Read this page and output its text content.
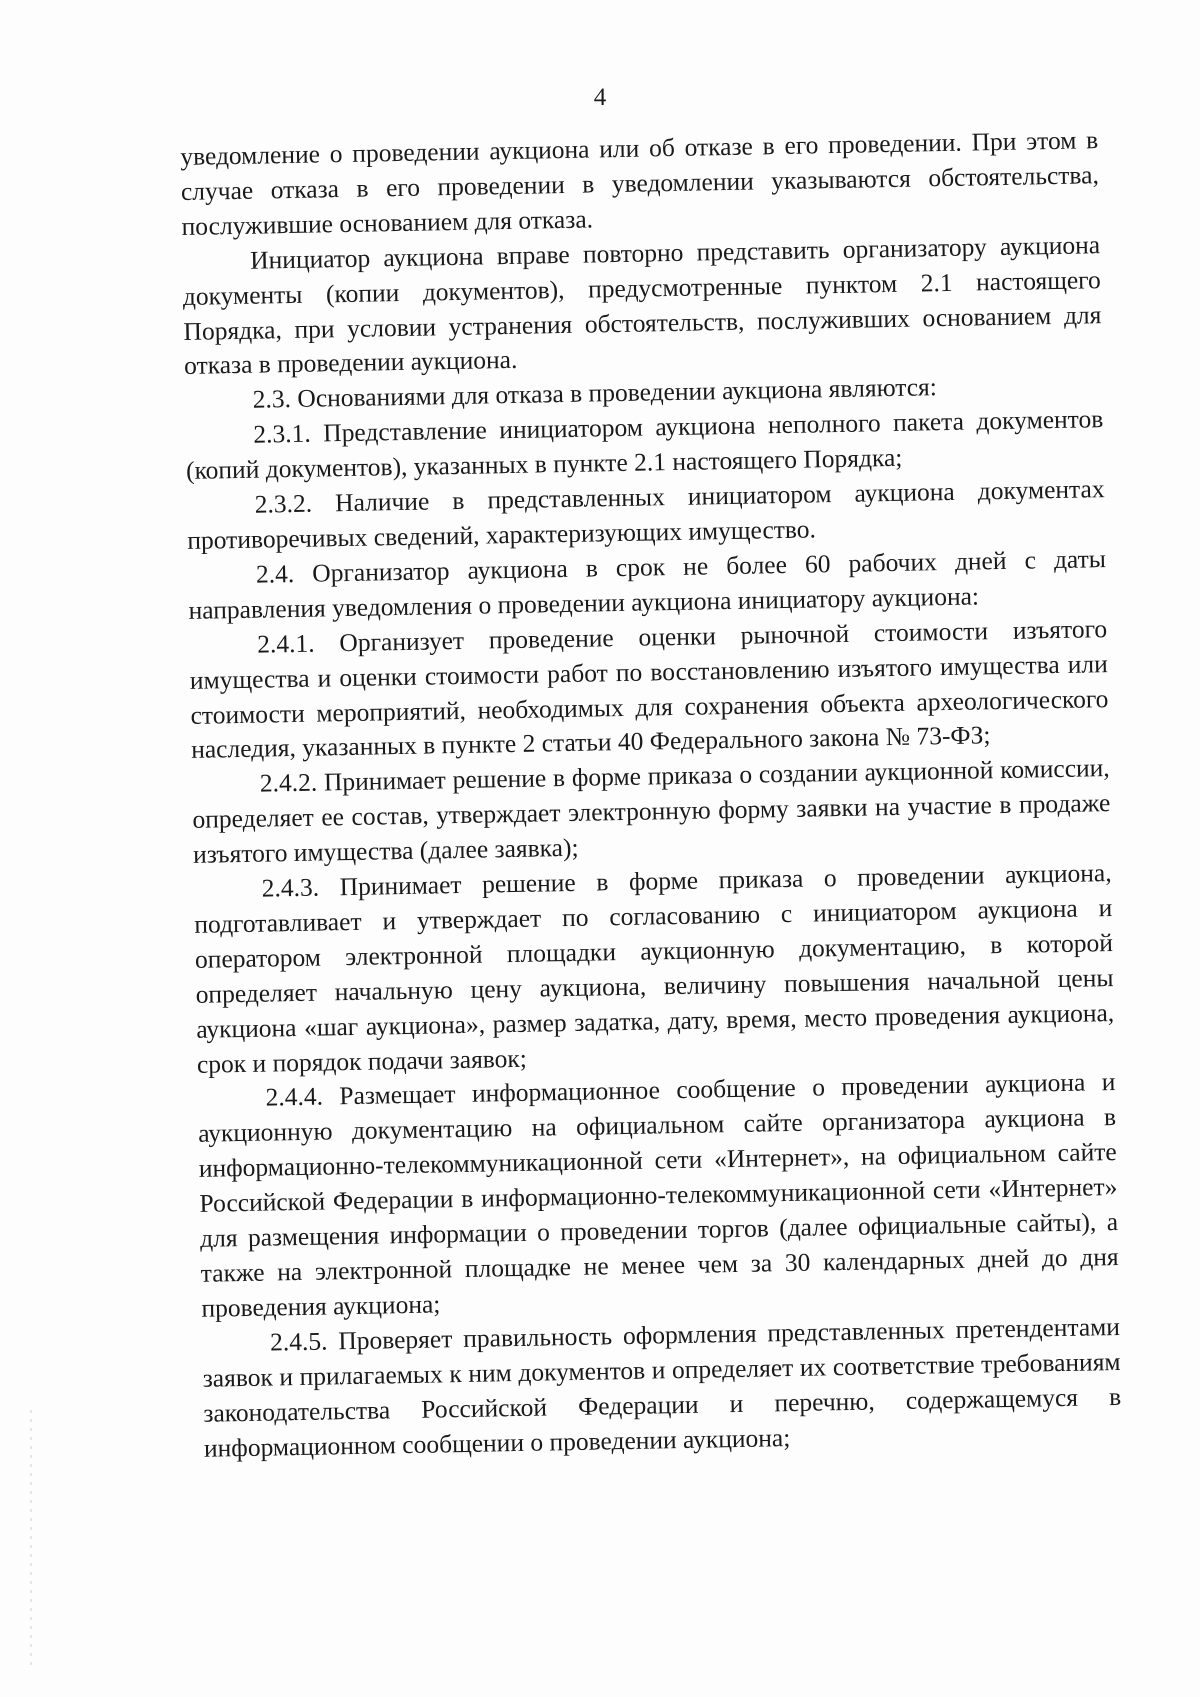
4

уведомление о проведении аукциона или об отказе в его проведении. При этом в случае отказа в его проведении в уведомлении указываются обстоятельства, послужившие основанием для отказа.

Инициатор аукциона вправе повторно представить организатору аукциона документы (копии документов), предусмотренные пунктом 2.1 настоящего Порядка, при условии устранения обстоятельств, послуживших основанием для отказа в проведении аукциона.

2.3. Основаниями для отказа в проведении аукциона являются:

2.3.1. Представление инициатором аукциона неполного пакета документов (копий документов), указанных в пункте 2.1 настоящего Порядка;

2.3.2. Наличие в представленных инициатором аукциона документах противоречивых сведений, характеризующих имущество.

2.4. Организатор аукциона в срок не более 60 рабочих дней с даты направления уведомления о проведении аукциона инициатору аукциона:

2.4.1. Организует проведение оценки рыночной стоимости изъятого имущества и оценки стоимости работ по восстановлению изъятого имущества или стоимости мероприятий, необходимых для сохранения объекта археологического наследия, указанных в пункте 2 статьи 40 Федерального закона № 73-ФЗ;

2.4.2. Принимает решение в форме приказа о создании аукционной комиссии, определяет ее состав, утверждает электронную форму заявки на участие в продаже изъятого имущества (далее заявка);

2.4.3. Принимает решение в форме приказа о проведении аукциона, подготавливает и утверждает по согласованию с инициатором аукциона и оператором электронной площадки аукционную документацию, в которой определяет начальную цену аукциона, величину повышения начальной цены аукциона «шаг аукциона», размер задатка, дату, время, место проведения аукциона, срок и порядок подачи заявок;

2.4.4. Размещает информационное сообщение о проведении аукциона и аукционную документацию на официальном сайте организатора аукциона в информационно-телекоммуникационной сети «Интернет», на официальном сайте Российской Федерации в информационно-телекоммуникационной сети «Интернет» для размещения информации о проведении торгов (далее официальные сайты), а также на электронной площадке не менее чем за 30 календарных дней до дня проведения аукциона;

2.4.5. Проверяет правильность оформления представленных претендентами заявок и прилагаемых к ним документов и определяет их соответствие требованиям законодательства Российской Федерации и перечню, содержащемуся в информационном сообщении о проведении аукциона;
